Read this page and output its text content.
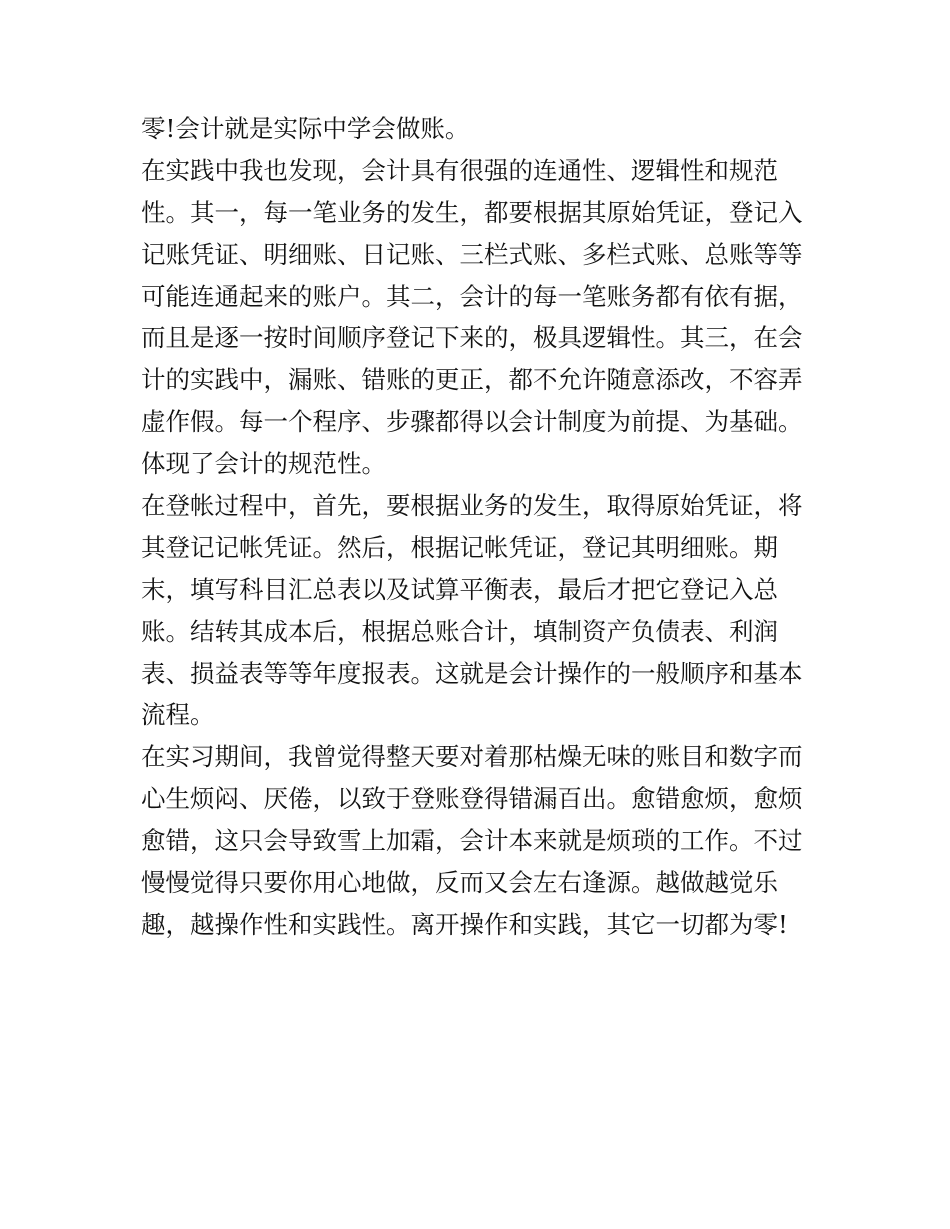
零!会计就是实际中学会做账。
在实践中我也发现，会计具有很强的连通性、逻辑性和规范
性。其一，每一笔业务的发生，都要根据其原始凭证，登记入
记账凭证、明细账、日记账、三栏式账、多栏式账、总账等等
可能连通起来的账户。其二，会计的每一笔账务都有依有据，
而且是逐一按时间顺序登记下来的，极具逻辑性。其三，在会
计的实践中，漏账、错账的更正，都不允许随意添改，不容弄
虚作假。每一个程序、步骤都得以会计制度为前提、为基础。
体现了会计的规范性。
在登帐过程中，首先，要根据业务的发生，取得原始凭证，将
其登记记帐凭证。然后，根据记帐凭证，登记其明细账。期
末，填写科目汇总表以及试算平衡表，最后才把它登记入总
账。结转其成本后，根据总账合计，填制资产负债表、利润
表、损益表等等年度报表。这就是会计操作的一般顺序和基本
流程。
在实习期间，我曾觉得整天要对着那枯燥无味的账目和数字而
心生烦闷、厌倦，以致于登账登得错漏百出。愈错愈烦，愈烦
愈错，这只会导致雪上加霜，会计本来就是烦琐的工作。不过
慢慢觉得只要你用心地做，反而又会左右逢源。越做越觉乐
趣，越操作性和实践性。离开操作和实践，其它一切都为零!
